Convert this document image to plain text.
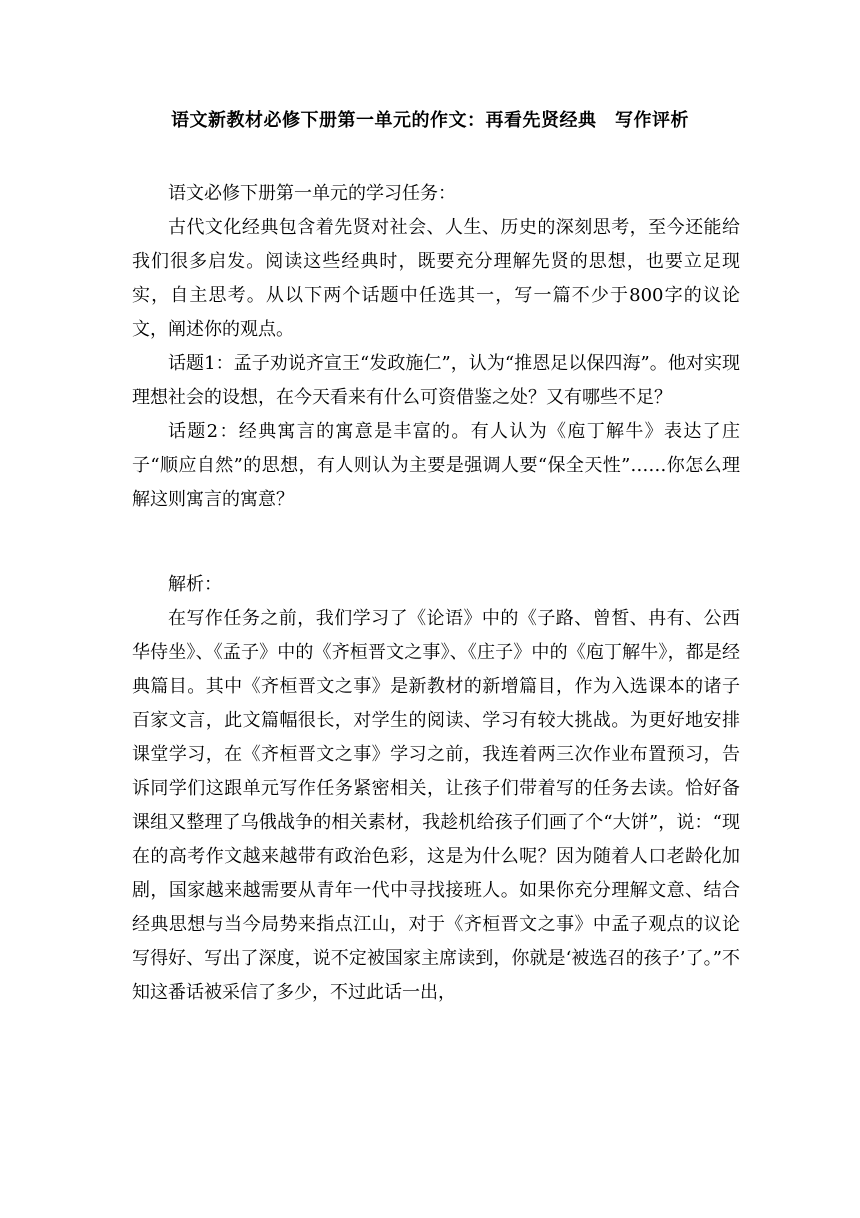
语文新教材必修下册第一单元的作文：再看先贤经典　写作评析

语文必修下册第一单元的学习任务：

古代文化经典包含着先贤对社会、人生、历史的深刻思考，至今还能给我们很多启发。阅读这些经典时，既要充分理解先贤的思想，也要立足现实，自主思考。从以下两个话题中任选其一，写一篇不少于800字的议论文，阐述你的观点。

话题1：孟子劝说齐宣王“发政施仁”，认为“推恩足以保四海”。他对实现理想社会的设想，在今天看来有什么可资借鉴之处？又有哪些不足？

话题2：经典寓言的寓意是丰富的。有人认为《庖丁解牛》表达了庄子“顺应自然”的思想，有人则认为主要是强调人要“保全天性”……你怎么理解这则寓言的寓意？

解析：

在写作任务之前，我们学习了《论语》中的《子路、曾皙、冉有、公西华侍坐》、《孟子》中的《齐桓晋文之事》、《庄子》中的《庖丁解牛》，都是经典篇目。其中《齐桓晋文之事》是新教材的新增篇目，作为入选课本的诸子百家文言，此文篇幅很长，对学生的阅读、学习有较大挑战。为更好地安排课堂学习，在《齐桓晋文之事》学习之前，我连着两三次作业布置预习，告诉同学们这跟单元写作任务紧密相关，让孩子们带着写的任务去读。恰好备课组又整理了乌俄战争的相关素材，我趁机给孩子们画了个“大饼”，说：“现在的高考作文越来越带有政治色彩，这是为什么呢？因为随着人口老龄化加剧，国家越来越需要从青年一代中寻找接班人。如果你充分理解文意、结合经典思想与当今局势来指点江山，对于《齐桓晋文之事》中孟子观点的议论写得好、写出了深度，说不定被国家主席读到，你就是‘被选召的孩子’了。”不知这番话被采信了多少，不过此话一出，
